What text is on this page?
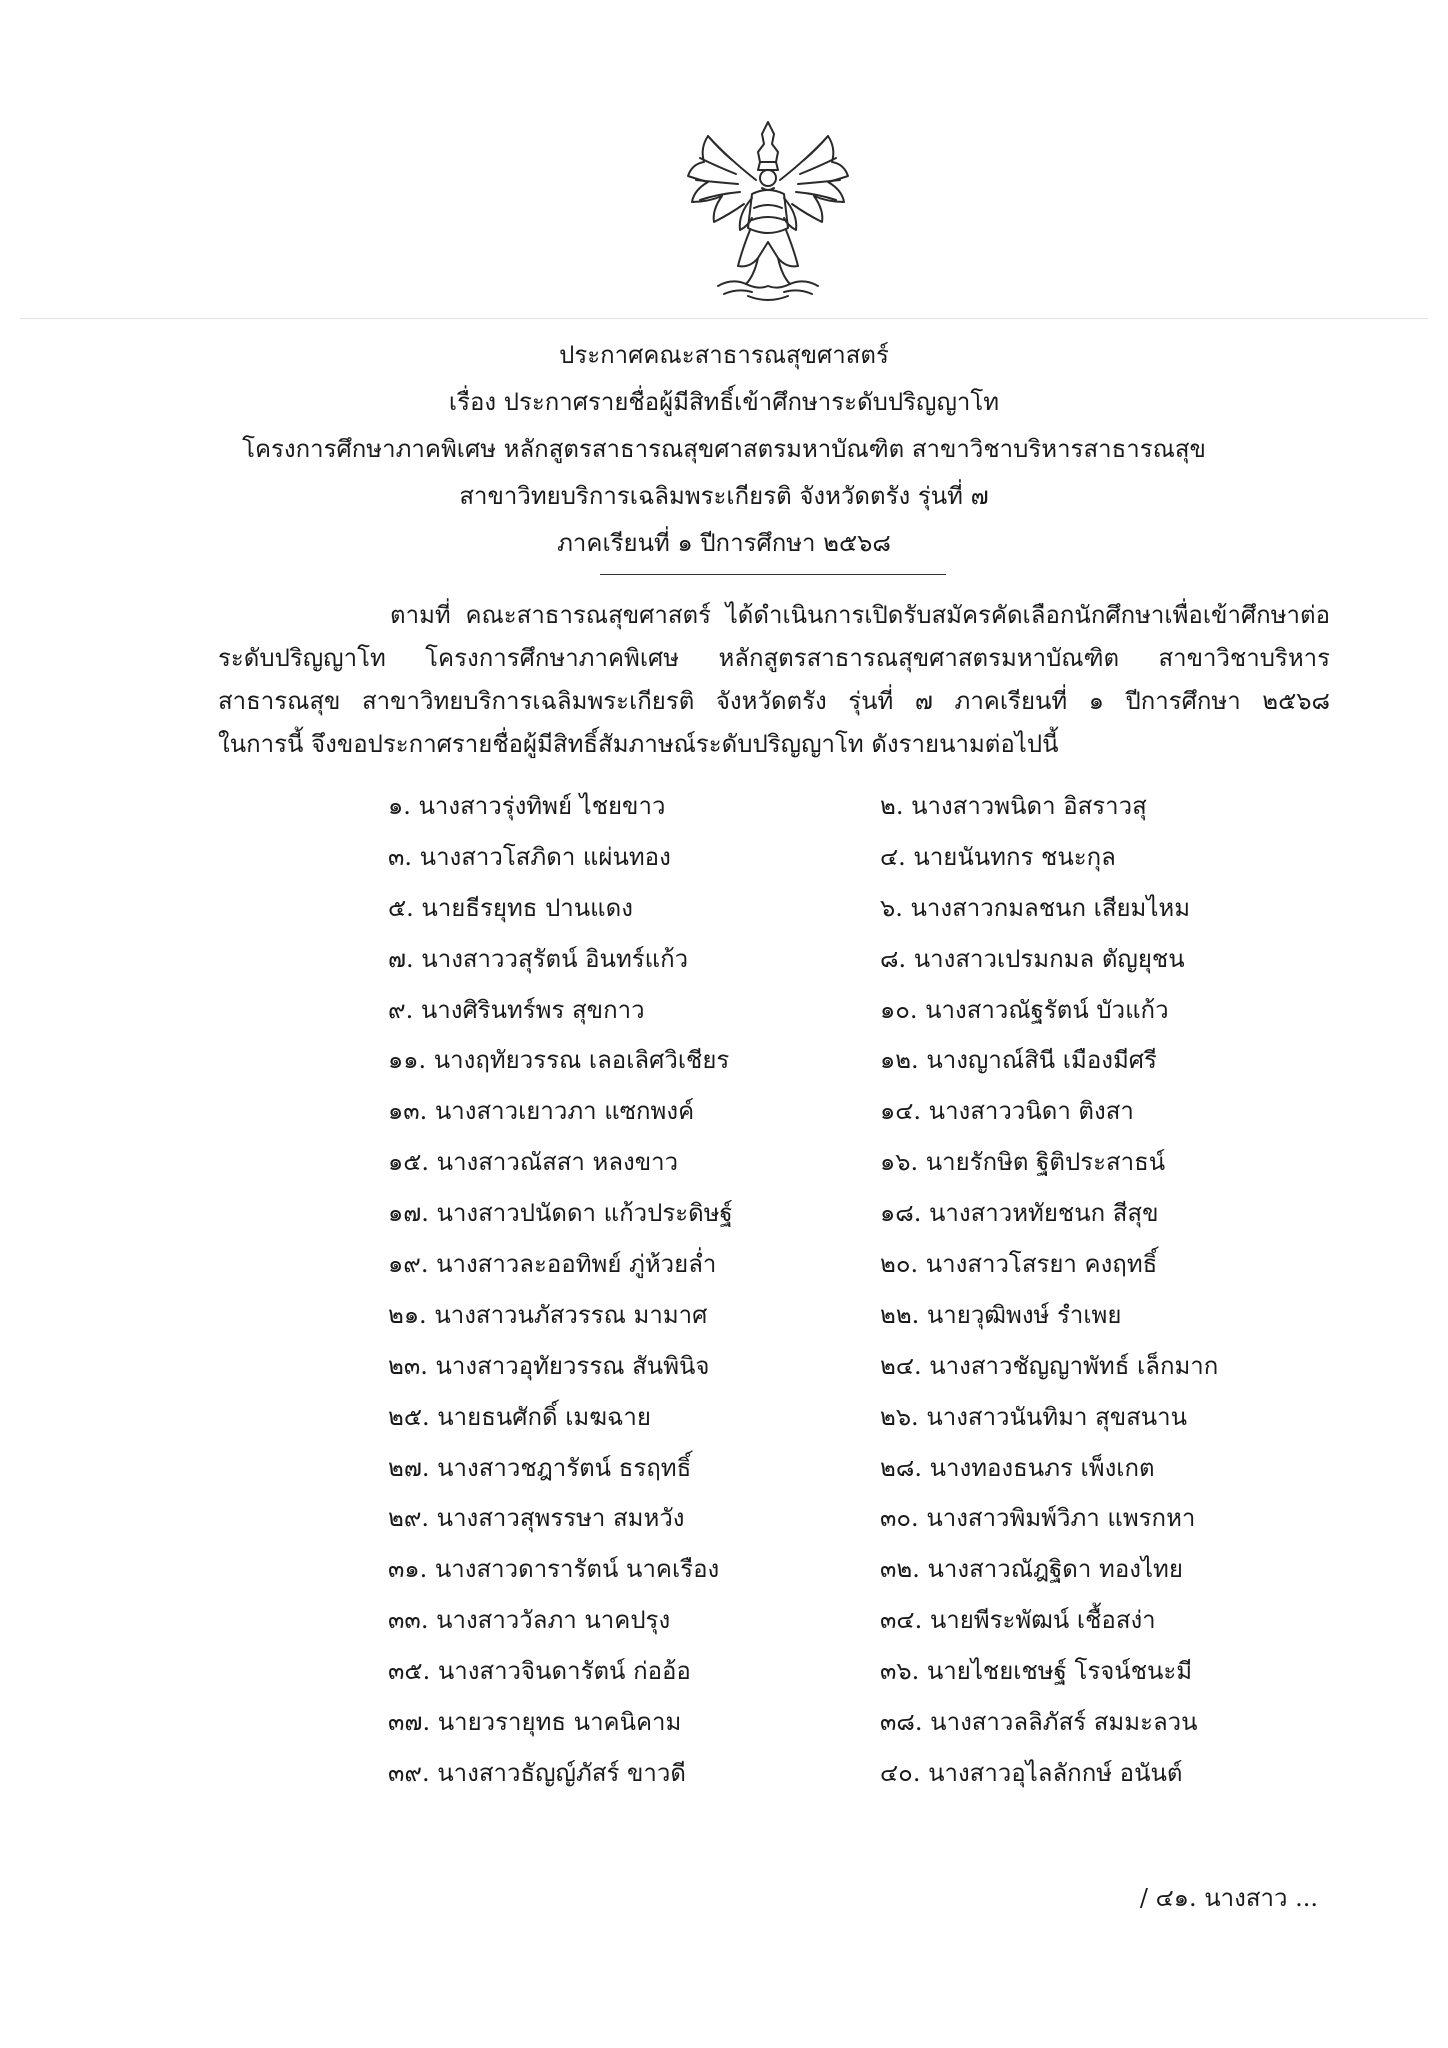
ประกาศคณะสาธารณสุขศาสตร์
เรื่อง ประกาศรายชื่อผู้มีสิทธิ์เข้าศึกษาระดับปริญญาโท
โครงการศึกษาภาคพิเศษ หลักสูตรสาธารณสุขศาสตรมหาบัณฑิต สาขาวิชาบริหารสาธารณสุข
สาขาวิทยบริการเฉลิมพระเกียรติ จังหวัดตรัง รุ่นที่ ๗
ภาคเรียนที่ ๑ ปีการศึกษา ๒๕๖๘
ตามที่ คณะสาธารณสุขศาสตร์ ได้ดำเนินการเปิดรับสมัครคัดเลือกนักศึกษาเพื่อเข้าศึกษาต่อ
ระดับปริญญาโท โครงการศึกษาภาคพิเศษ หลักสูตรสาธารณสุขศาสตรมหาบัณฑิต สาขาวิชาบริหาร
สาธารณสุข สาขาวิทยบริการเฉลิมพระเกียรติ จังหวัดตรัง รุ่นที่ ๗ ภาคเรียนที่ ๑ ปีการศึกษา ๒๕๖๘
ในการนี้ จึงขอประกาศรายชื่อผู้มีสิทธิ์สัมภาษณ์ระดับปริญญาโท ดังรายนามต่อไปนี้
๑. นางสาวรุ่งทิพย์ ไชยขาว	๒. นางสาวพนิดา อิสราวสุ
๓. นางสาวโสภิดา แผ่นทอง	๔. นายนันทกร ชนะกุล
๕. นายธีรยุทธ ปานแดง	๖. นางสาวกมลชนก เสียมไหม
๗. นางสาววสุรัตน์ อินทร์แก้ว	๘. นางสาวเปรมกมล ตัญยุชน
๙. นางศิรินทร์พร สุขกาว	๑๐. นางสาวณัฐรัตน์ บัวแก้ว
๑๑. นางฤทัยวรรณ เลอเลิศวิเชียร	๑๒. นางญาณ์สินี เมืองมีศรี
๑๓. นางสาวเยาวภา แซกพงค์	๑๔. นางสาววนิดา ติงสา
๑๕. นางสาวณัสสา หลงขาว	๑๖. นายรักษิต ฐิติประสาธน์
๑๗. นางสาวปนัดดา แก้วประดิษฐ์	๑๘. นางสาวหทัยชนก สีสุข
๑๙. นางสาวละออทิพย์ ภู่ห้วยล่ำ	๒๐. นางสาวโสรยา คงฤทธิ์
๒๑. นางสาวนภัสวรรณ มามาศ	๒๒. นายวุฒิพงษ์ รำเพย
๒๓. นางสาวอุทัยวรรณ สันพินิจ	๒๔. นางสาวชัญญาพัทธ์ เล็กมาก
๒๕. นายธนศักดิ์ เมฆฉาย	๒๖. นางสาวนันทิมา สุขสนาน
๒๗. นางสาวชฎารัตน์ ธรฤทธิ์	๒๘. นางทองธนภร เพ็งเกต
๒๙. นางสาวสุพรรษา สมหวัง	๓๐. นางสาวพิมพ์วิภา แพรกหา
๓๑. นางสาวดารารัตน์ นาคเรือง	๓๒. นางสาวณัฎฐิดา ทองไทย
๓๓. นางสาววัลภา นาคปรุง	๓๔. นายพีระพัฒน์ เชื้อสง่า
๓๕. นางสาวจินดารัตน์ ก่ออ้อ	๓๖. นายไชยเชษฐ์ โรจน์ชนะมี
๓๗. นายวรายุทธ นาคนิคาม	๓๘. นางสาวลลิภัสร์ สมมะลวน
๓๙. นางสาวธัญญ์ภัสร์ ขาวดี	๔๐. นางสาวอุไลลักกษ์ อนันต์
/ ๔๑. นางสาว ...
